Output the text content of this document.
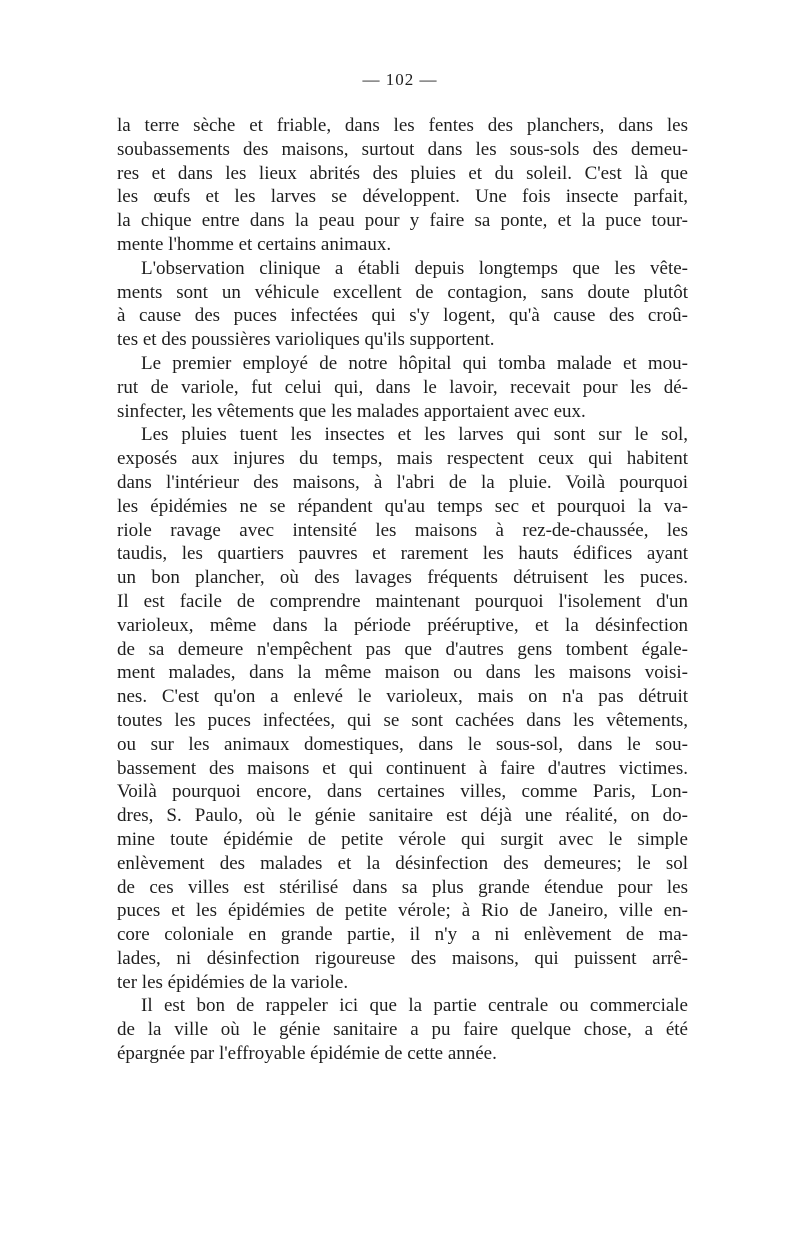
— 102 —
la terre sèche et friable, dans les fentes des planchers, dans les
soubassements des maisons, surtout dans les sous-sols des demeu-
res et dans les lieux abrités des pluies et du soleil. C'est là que
les œufs et les larves se développent. Une fois insecte parfait,
la chique entre dans la peau pour y faire sa ponte, et la puce tour-
mente l'homme et certains animaux.
L'observation clinique a établi depuis longtemps que les vête-
ments sont un véhicule excellent de contagion, sans doute plutôt
à cause des puces infectées qui s'y logent, qu'à cause des croû-
tes et des poussières varioliques qu'ils supportent.
Le premier employé de notre hôpital qui tomba malade et mou-
rut de variole, fut celui qui, dans le lavoir, recevait pour les dé-
sinfecter, les vêtements que les malades apportaient avec eux.
Les pluies tuent les insectes et les larves qui sont sur le sol,
exposés aux injures du temps, mais respectent ceux qui habitent
dans l'intérieur des maisons, à l'abri de la pluie. Voilà pourquoi
les épidémies ne se répandent qu'au temps sec et pourquoi la va-
riole ravage avec intensité les maisons à rez-de-chaussée, les
taudis, les quartiers pauvres et rarement les hauts édifices ayant
un bon plancher, où des lavages fréquents détruisent les puces.
Il est facile de comprendre maintenant pourquoi l'isolement d'un
varioleux, même dans la période prééruptive, et la désinfection
de sa demeure n'empêchent pas que d'autres gens tombent égale-
ment malades, dans la même maison ou dans les maisons voisi-
nes. C'est qu'on a enlevé le varioleux, mais on n'a pas détruit
toutes les puces infectées, qui se sont cachées dans les vêtements,
ou sur les animaux domestiques, dans le sous-sol, dans le sou-
bassement des maisons et qui continuent à faire d'autres victimes.
Voilà pourquoi encore, dans certaines villes, comme Paris, Lon-
dres, S. Paulo, où le génie sanitaire est déjà une réalité, on do-
mine toute épidémie de petite vérole qui surgit avec le simple
enlèvement des malades et la désinfection des demeures; le sol
de ces villes est stérilisé dans sa plus grande étendue pour les
puces et les épidémies de petite vérole; à Rio de Janeiro, ville en-
core coloniale en grande partie, il n'y a ni enlèvement de ma-
lades, ni désinfection rigoureuse des maisons, qui puissent arrê-
ter les épidémies de la variole.
Il est bon de rappeler ici que la partie centrale ou commerciale
de la ville où le génie sanitaire a pu faire quelque chose, a été
épargnée par l'effroyable épidémie de cette année.
